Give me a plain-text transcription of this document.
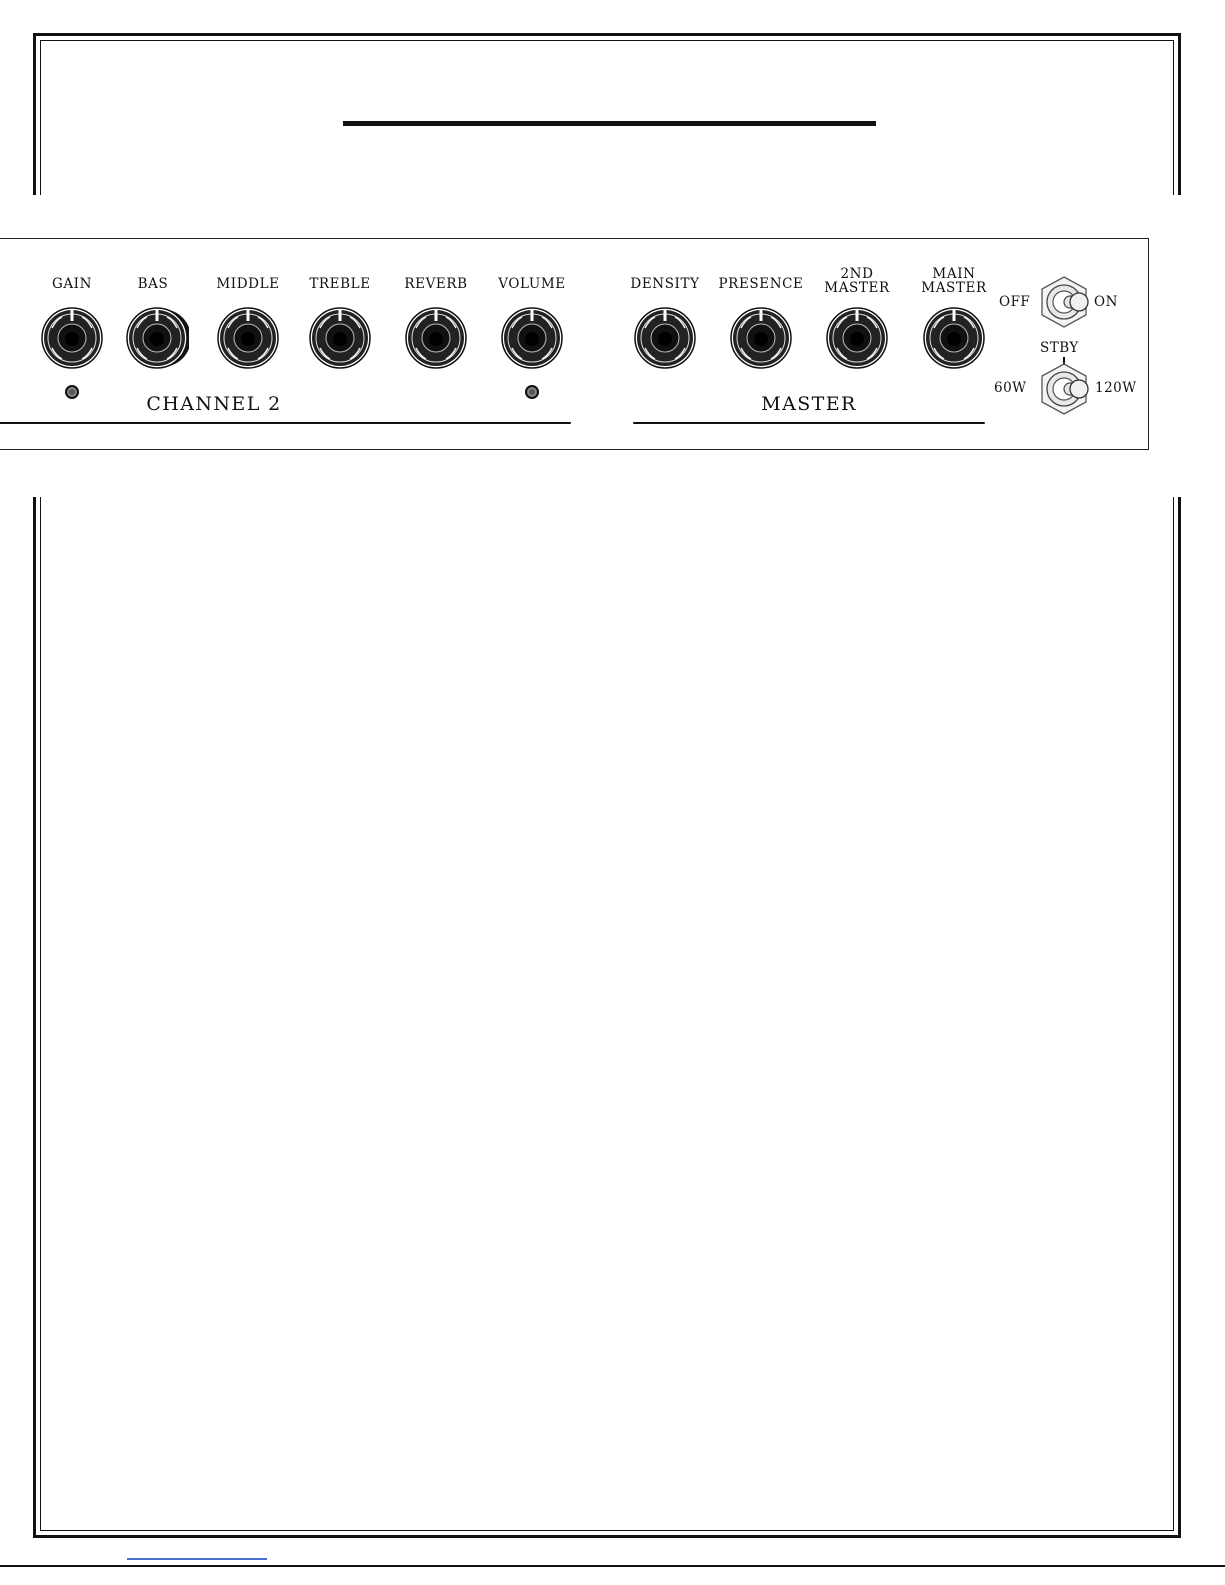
GAIN	BAS	MIDDLE TREBLE REVERB VOLUME	DENSITY PRESENCE
2ND
MASTER
MAIN
MASTER
CHANNEL 2	MASTER
OFF	ON
STBY
60W	120W
